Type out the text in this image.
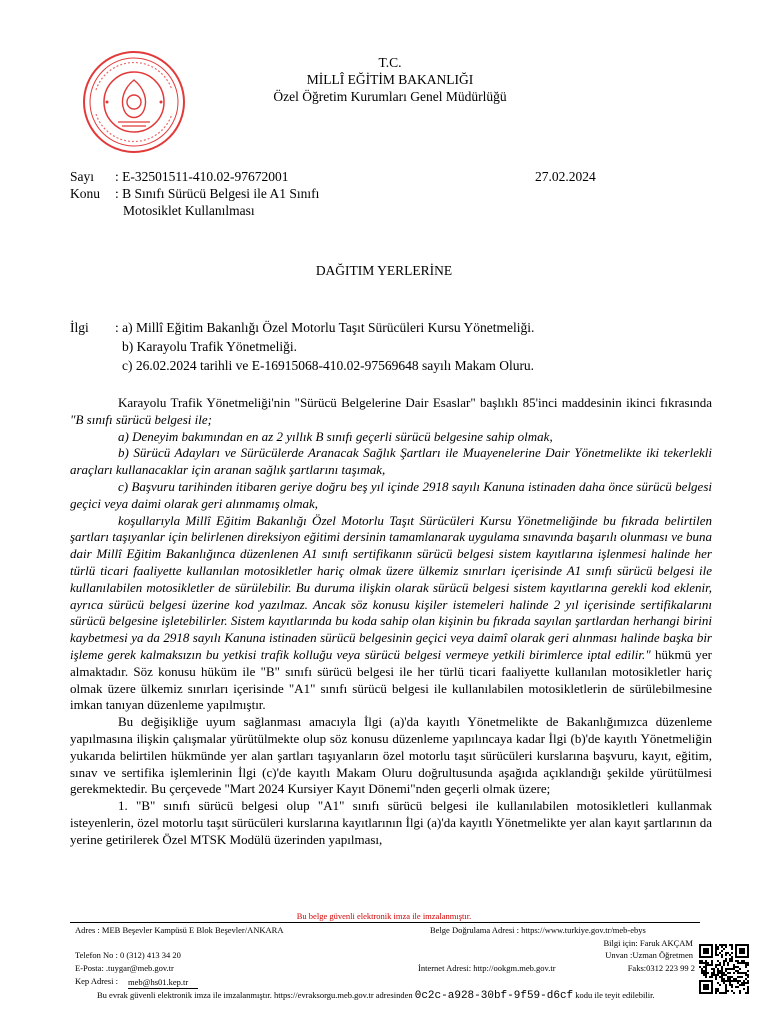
T.C.
MİLLÎ EĞİTİM BAKANLIĞI
Özel Öğretim Kurumları Genel Müdürlüğü
Sayı : E-32501511-410.02-97672001	27.02.2024
Konu : B Sınıfı Sürücü Belgesi ile A1 Sınıfı
Motosiklet Kullanılması
DAĞITIM YERLERİNE
İlgi : a) Millî Eğitim Bakanlığı Özel Motorlu Taşıt Sürücüleri Kursu Yönetmeliği.
b) Karayolu Trafik Yönetmeliği.
c) 26.02.2024 tarihli ve E-16915068-410.02-97569648 sayılı Makam Oluru.

Karayolu Trafik Yönetmeliği'nin "Sürücü Belgelerine Dair Esaslar" başlıklı 85'inci maddesinin ikinci fıkrasında "B sınıfı sürücü belgesi ile;

a) Deneyim bakımından en az 2 yıllık B sınıfı geçerli sürücü belgesine sahip olmak,

b) Sürücü Adayları ve Sürücülerde Aranacak Sağlık Şartları ile Muayenelerine Dair Yönetmelikte iki tekerlekli araçları kullanacaklar için aranan sağlık şartlarını taşımak,

c) Başvuru tarihinden itibaren geriye doğru beş yıl içinde 2918 sayılı Kanuna istinaden daha önce sürücü belgesi geçici veya daimi olarak geri alınmamış olmak,

koşullarıyla Millî Eğitim Bakanlığı Özel Motorlu Taşıt Sürücüleri Kursu Yönetmeliğinde bu fıkrada belirtilen şartları taşıyanlar için belirlenen direksiyon eğitimi dersinin tamamlanarak uygulama sınavında başarılı olunması ve buna dair Millî Eğitim Bakanlığınca düzenlenen A1 sınıfı sertifikanın sürücü belgesi sistem kayıtlarına işlenmesi halinde her türlü ticari faaliyette kullanılan motosikletler hariç olmak üzere ülkemiz sınırları içerisinde A1 sınıfı sürücü belgesi ile kullanılabilen motosikletler de sürülebilir. Bu duruma ilişkin olarak sürücü belgesi sistem kayıtlarına gerekli kod eklenir, ayrıca sürücü belgesi üzerine kod yazılmaz. Ancak söz konusu kişiler istemeleri halinde 2 yıl içerisinde sertifikalarını sürücü belgesine işletebilirler. Sistem kayıtlarında bu koda sahip olan kişinin bu fıkrada sayılan şartlardan herhangi birini kaybetmesi ya da 2918 sayılı Kanuna istinaden sürücü belgesinin geçici veya daimî olarak geri alınması halinde başka bir işleme gerek kalmaksızın bu yetkisi trafik kolluğu veya sürücü belgesi vermeye yetkili birimlerce iptal edilir." hükmü yer almaktadır. Söz konusu hüküm ile "B" sınıfı sürücü belgesi ile her türlü ticari faaliyette kullanılan motosikletler hariç olmak üzere ülkemiz sınırları içerisinde "A1" sınıfı sürücü belgesi ile kullanılabilen motosikletlerin de sürülebilmesine imkan tanıyan düzenleme yapılmıştır.

Bu değişikliğe uyum sağlanması amacıyla İlgi (a)'da kayıtlı Yönetmelikte de Bakanlığımızca düzenleme yapılmasına ilişkin çalışmalar yürütülmekte olup söz konusu düzenleme yapılıncaya kadar İlgi (b)'de kayıtlı Yönetmeliğin yukarıda belirtilen hükmünde yer alan şartları taşıyanların özel motorlu taşıt sürücüleri kurslarına başvuru, kayıt, eğitim, sınav ve sertifika işlemlerinin İlgi (c)'de kayıtlı Makam Oluru doğrultusunda aşağıda açıklandığı şekilde yürütülmesi gerekmektedir. Bu çerçevede "Mart 2024 Kursiyer Kayıt Dönemi"nden geçerli olmak üzere;

1. "B" sınıfı sürücü belgesi olup "A1" sınıfı sürücü belgesi ile kullanılabilen motosikletleri kullanmak isteyenlerin, özel motorlu taşıt sürücüleri kurslarına kayıtlarının İlgi (a)'da kayıtlı Yönetmelikte yer alan kayıt şartlarının da yerine getirilerek Özel MTSK Modülü üzerinden yapılması,

Bu belge güvenli elektronik imza ile imzalanmıştır.
Adres : MEB Beşevler Kampüsü E Blok Beşevler/ANKARA	Belge Doğrulama Adresi : https://www.turkiye.gov.tr/meb-ebys
Bilgi için: Faruk AKÇAM
Unvan :Uzman Öğretmen
Telefon No : 0 (312) 413 34 20
E-Posta: .tuygar@meb.gov.tr	İnternet Adresi: http://ookgm.meb.gov.tr	Faks:0312 223 99 2
Kep Adresi : meb@hs01.kep.tr
Bu evrak güvenli elektronik imza ile imzalanmıştır. https://evraksorgu.meb.gov.tr adresinden 0c2c-a928-30bf-9f59-d6cf kodu ile teyit edilebilir.
